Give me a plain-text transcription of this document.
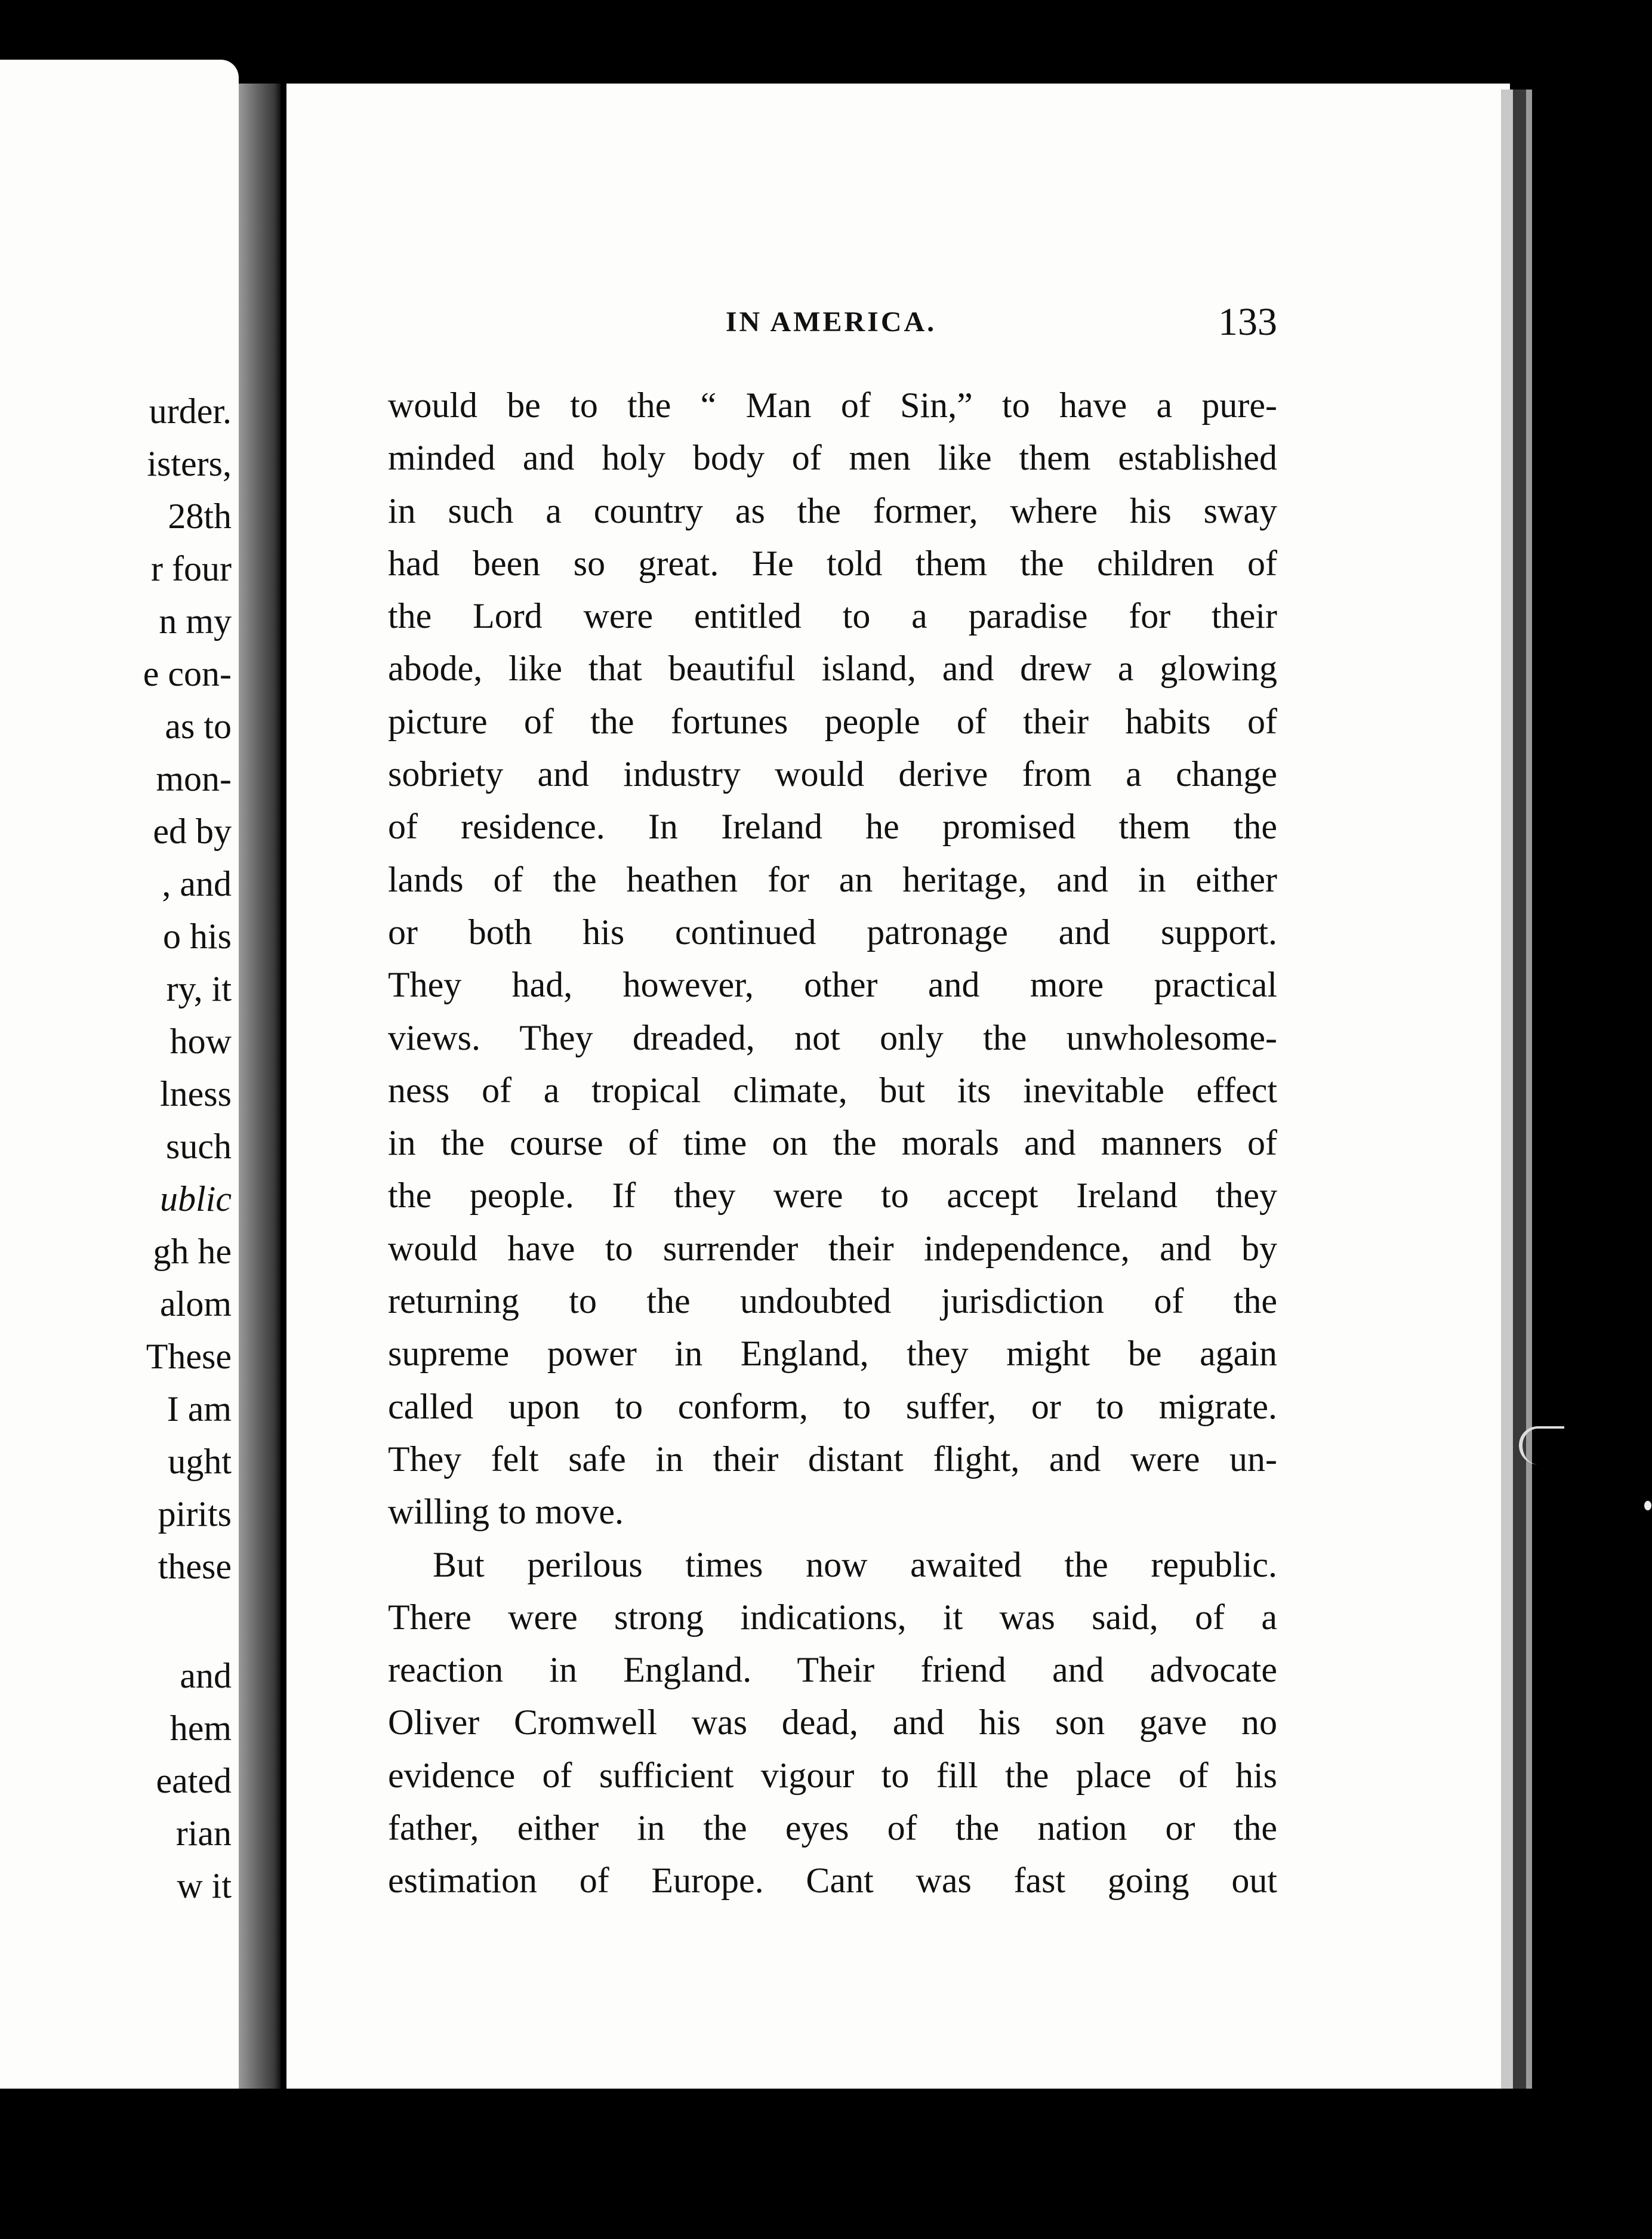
urder.
isters,
28th
r four
n my
e con-
as to
mon-
ed by
, and
o his
ry, it
how
lness
such
ublic
gh he
alom
These
I am
ught
pirits
these
and
hem
eated
rian
w it
IN AMERICA.	133
would be to the “ Man of Sin,” to have a pure-
minded and holy body of men like them established
in such a country as the former, where his sway
had been so great. He told them the children of
the Lord were entitled to a paradise for their
abode, like that beautiful island, and drew a glowing
picture of the fortunes people of their habits of
sobriety and industry would derive from a change
of residence. In Ireland he promised them the
lands of the heathen for an heritage, and in either
or both his continued patronage and support.
They had, however, other and more practical
views. They dreaded, not only the unwholesome-
ness of a tropical climate, but its inevitable effect
in the course of time on the morals and manners of
the people. If they were to accept Ireland they
would have to surrender their independence, and by
returning to the undoubted jurisdiction of the
supreme power in England, they might be again
called upon to conform, to suffer, or to migrate.
They felt safe in their distant flight, and were un-
willing to move.
But perilous times now awaited the republic.
There were strong indications, it was said, of a
reaction in England. Their friend and advocate
Oliver Cromwell was dead, and his son gave no
evidence of sufficient vigour to fill the place of his
father, either in the eyes of the nation or the
estimation of Europe. Cant was fast going out
